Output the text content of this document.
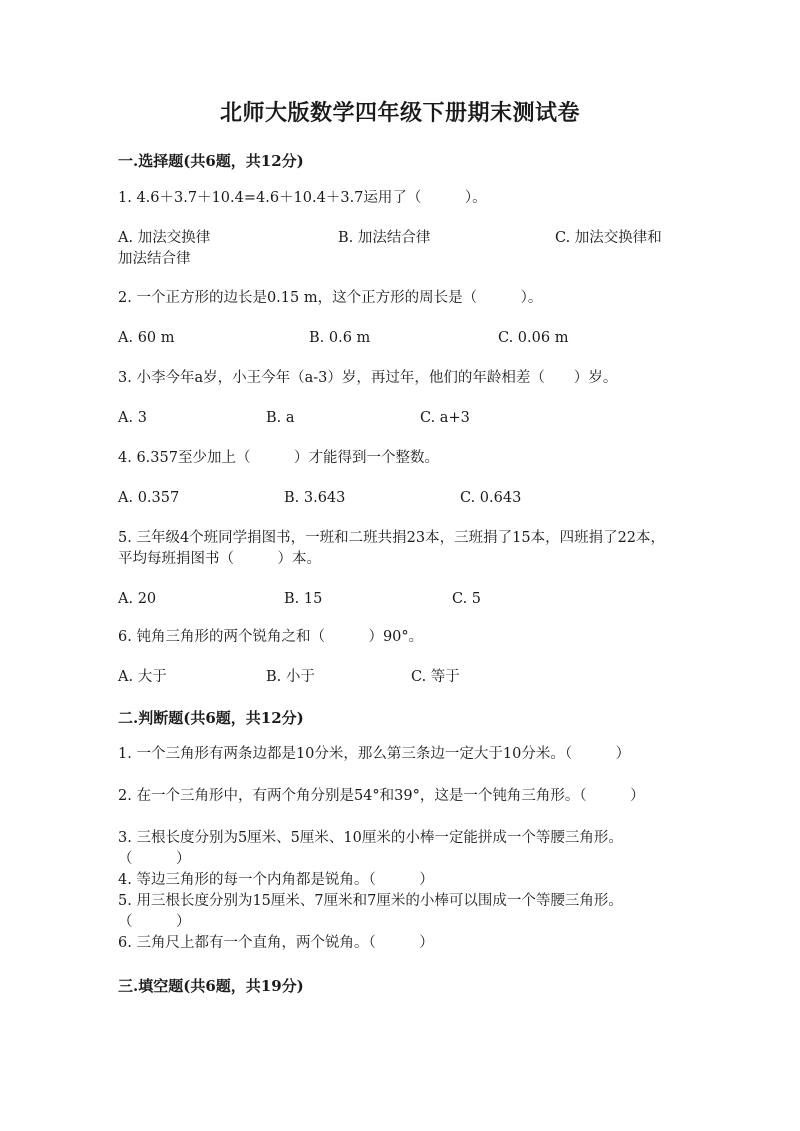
北师大版数学四年级下册期末测试卷
一.选择题(共6题，共12分)
1. 4.6＋3.7＋10.4=4.6＋10.4＋3.7运用了（　　　）。
A. 加法交换律	B. 加法结合律	C. 加法交换律和
加法结合律
2. 一个正方形的边长是0.15 m，这个正方形的周长是（　　　）。
A. 60 m	B. 0.6 m	C. 0.06 m
3. 小李今年a岁，小王今年（a-3）岁，再过年，他们的年龄相差（　　）岁。
A. 3	B. a	C. a+3
4. 6.357至少加上（　　　）才能得到一个整数。
A. 0.357	B. 3.643	C. 0.643
5. 三年级4个班同学捐图书，一班和二班共捐23本，三班捐了15本，四班捐了22本，平均每班捐图书（　　　）本。
A. 20	B. 15	C. 5
6. 钝角三角形的两个锐角之和（　　　）90°。
A. 大于	B. 小于	C. 等于
二.判断题(共6题，共12分)
1. 一个三角形有两条边都是10分米，那么第三条边一定大于10分米。（　　　）
2. 在一个三角形中，有两个角分别是54°和39°，这是一个钝角三角形。（　　　）
3. 三根长度分别为5厘米、5厘米、10厘米的小棒一定能拼成一个等腰三角形。（　　　）
4. 等边三角形的每一个内角都是锐角。（　　　）
5. 用三根长度分别为15厘米、7厘米和7厘米的小棒可以围成一个等腰三角形。（　　　）
6. 三角尺上都有一个直角，两个锐角。（　　　）
三.填空题(共6题，共19分)
